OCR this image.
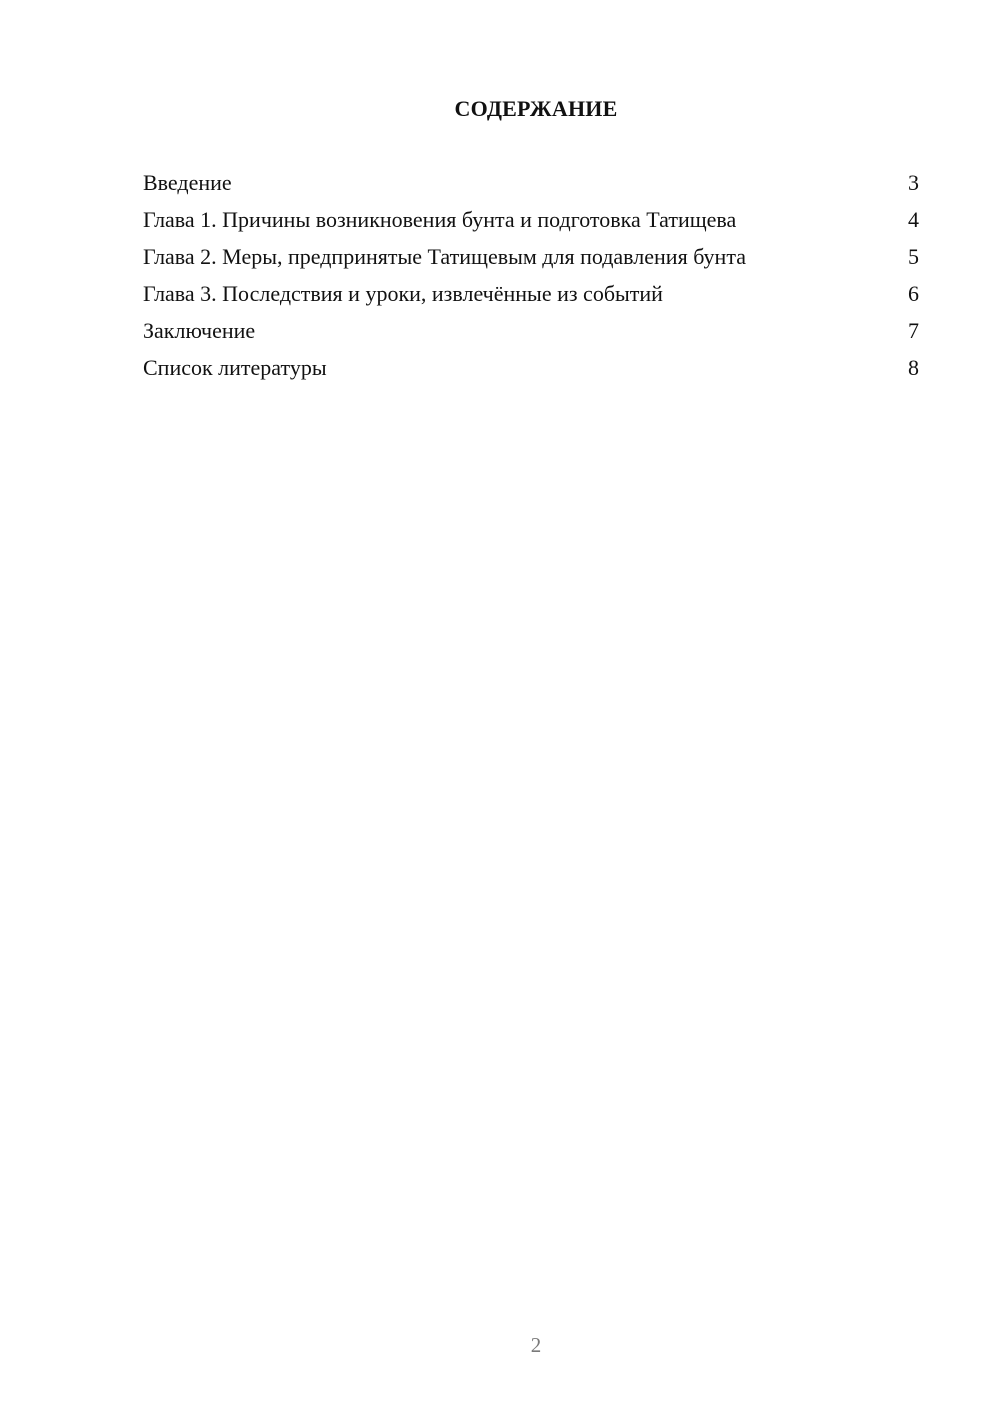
СОДЕРЖАНИЕ
Введение	3
Глава 1. Причины возникновения бунта и подготовка Татищева	4
Глава 2. Меры, предпринятые Татищевым для подавления бунта	5
Глава 3. Последствия и уроки, извлечённые из событий	6
Заключение	7
Список литературы	8
2
